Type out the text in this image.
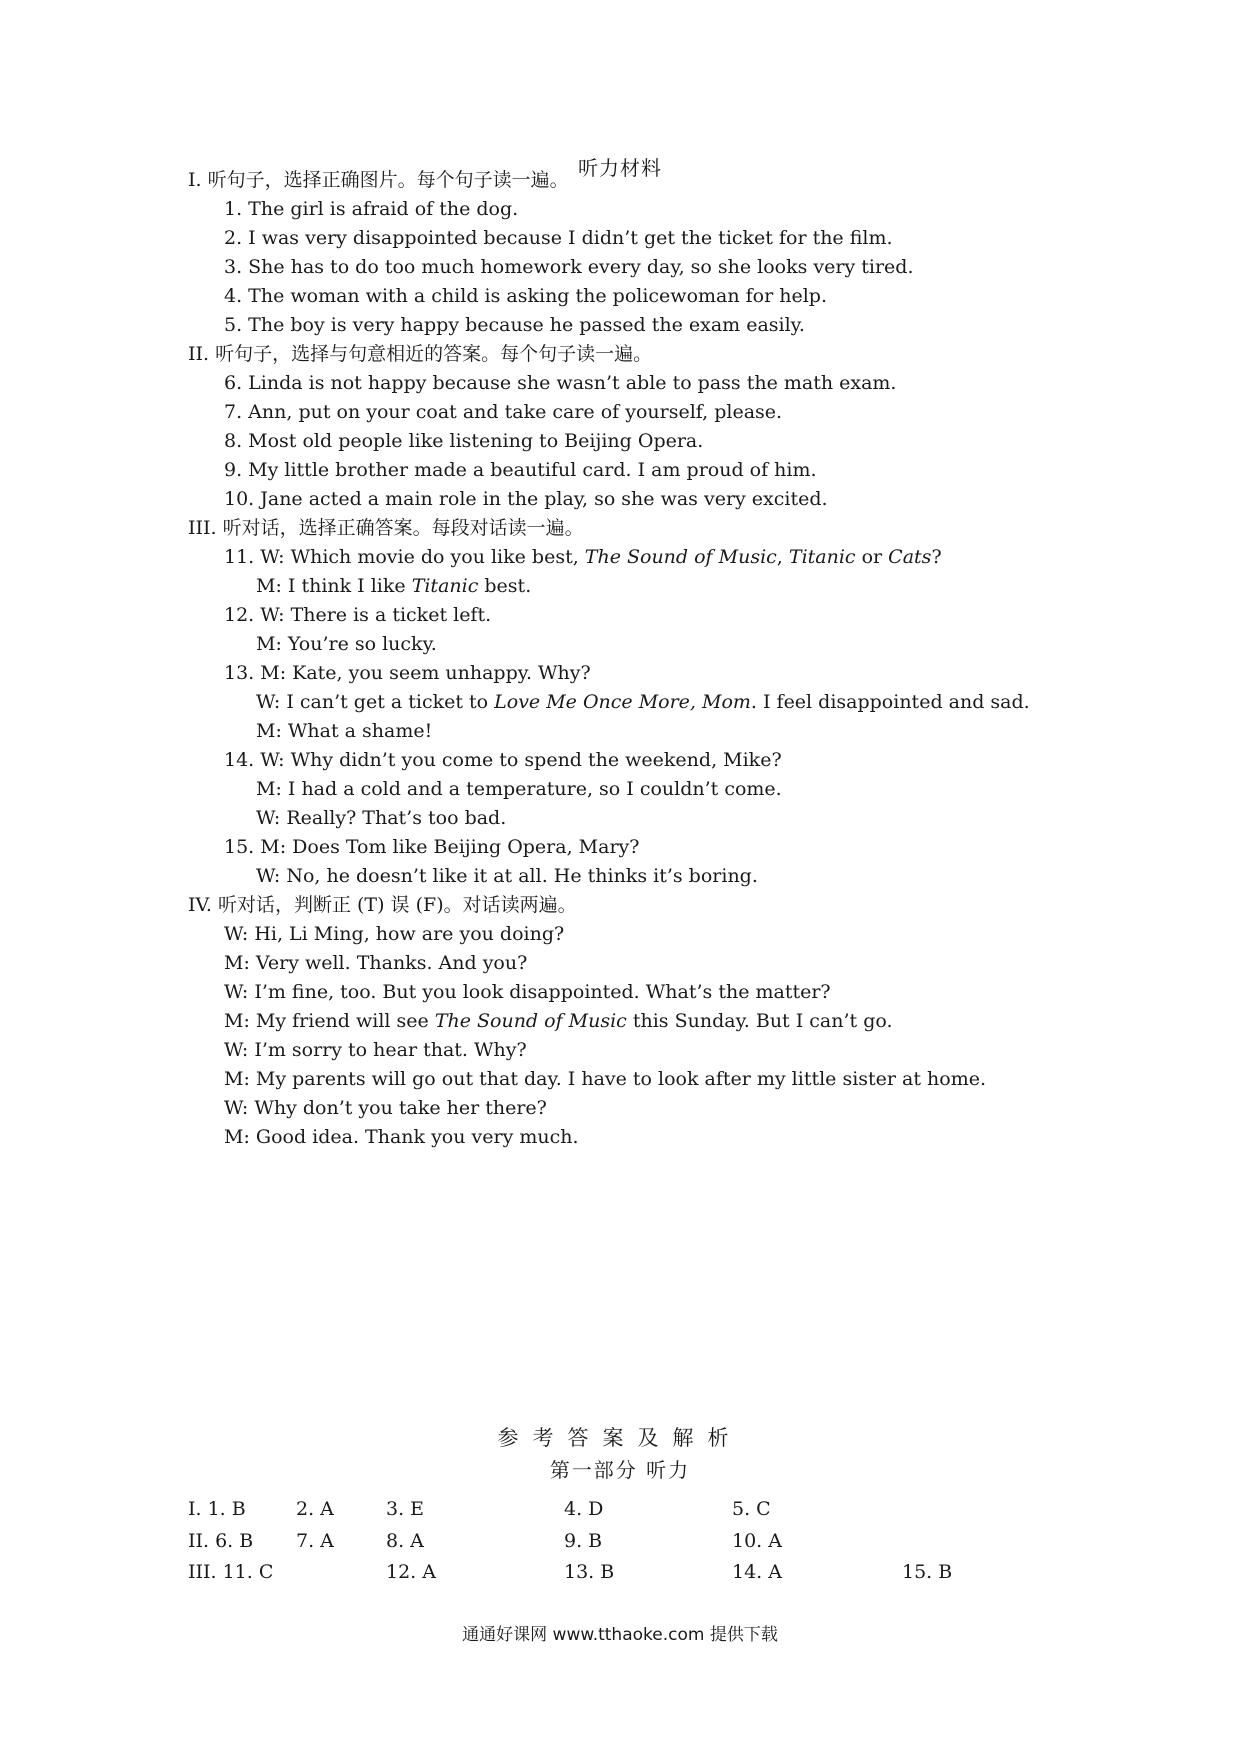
听力材料
I. 听句子，选择正确图片。每个句子读一遍。
1. The girl is afraid of the dog.
2. I was very disappointed because I didn’t get the ticket for the film.
3. She has to do too much homework every day, so she looks very tired.
4. The woman with a child is asking the policewoman for help.
5. The boy is very happy because he passed the exam easily.
II. 听句子，选择与句意相近的答案。每个句子读一遍。
6. Linda is not happy because she wasn’t able to pass the math exam.
7. Ann, put on your coat and take care of yourself, please.
8. Most old people like listening to Beijing Opera.
9. My little brother made a beautiful card. I am proud of him.
10. Jane acted a main role in the play, so she was very excited.
III. 听对话，选择正确答案。每段对话读一遍。
11. W: Which movie do you like best, The Sound of Music, Titanic or Cats?
M: I think I like Titanic best.
12. W: There is a ticket left.
M: You’re so lucky.
13. M: Kate, you seem unhappy. Why?
W: I can’t get a ticket to Love Me Once More, Mom. I feel disappointed and sad.
M: What a shame!
14. W: Why didn’t you come to spend the weekend, Mike?
M: I had a cold and a temperature, so I couldn’t come.
W: Really? That’s too bad.
15. M: Does Tom like Beijing Opera, Mary?
W: No, he doesn’t like it at all. He thinks it’s boring.
IV. 听对话，判断正 (T) 误 (F)。对话读两遍。
W: Hi, Li Ming, how are you doing?
M: Very well. Thanks. And you?
W: I’m fine, too. But you look disappointed. What’s the matter?
M: My friend will see The Sound of Music this Sunday. But I can’t go.
W: I’m sorry to hear that. Why?
M: My parents will go out that day. I have to look after my little sister at home.
W: Why don’t you take her there?
M: Good idea. Thank you very much.
参考答案及解析
第一部分 听力
I. 1. B	2. A	3. E	4. D	5. C
II. 6. B 7. A	8. A	9. B	10. A
III. 11. C	12. A	13. B	14. A	15. B
通通好课网 www.tthaoke.com 提供下载
